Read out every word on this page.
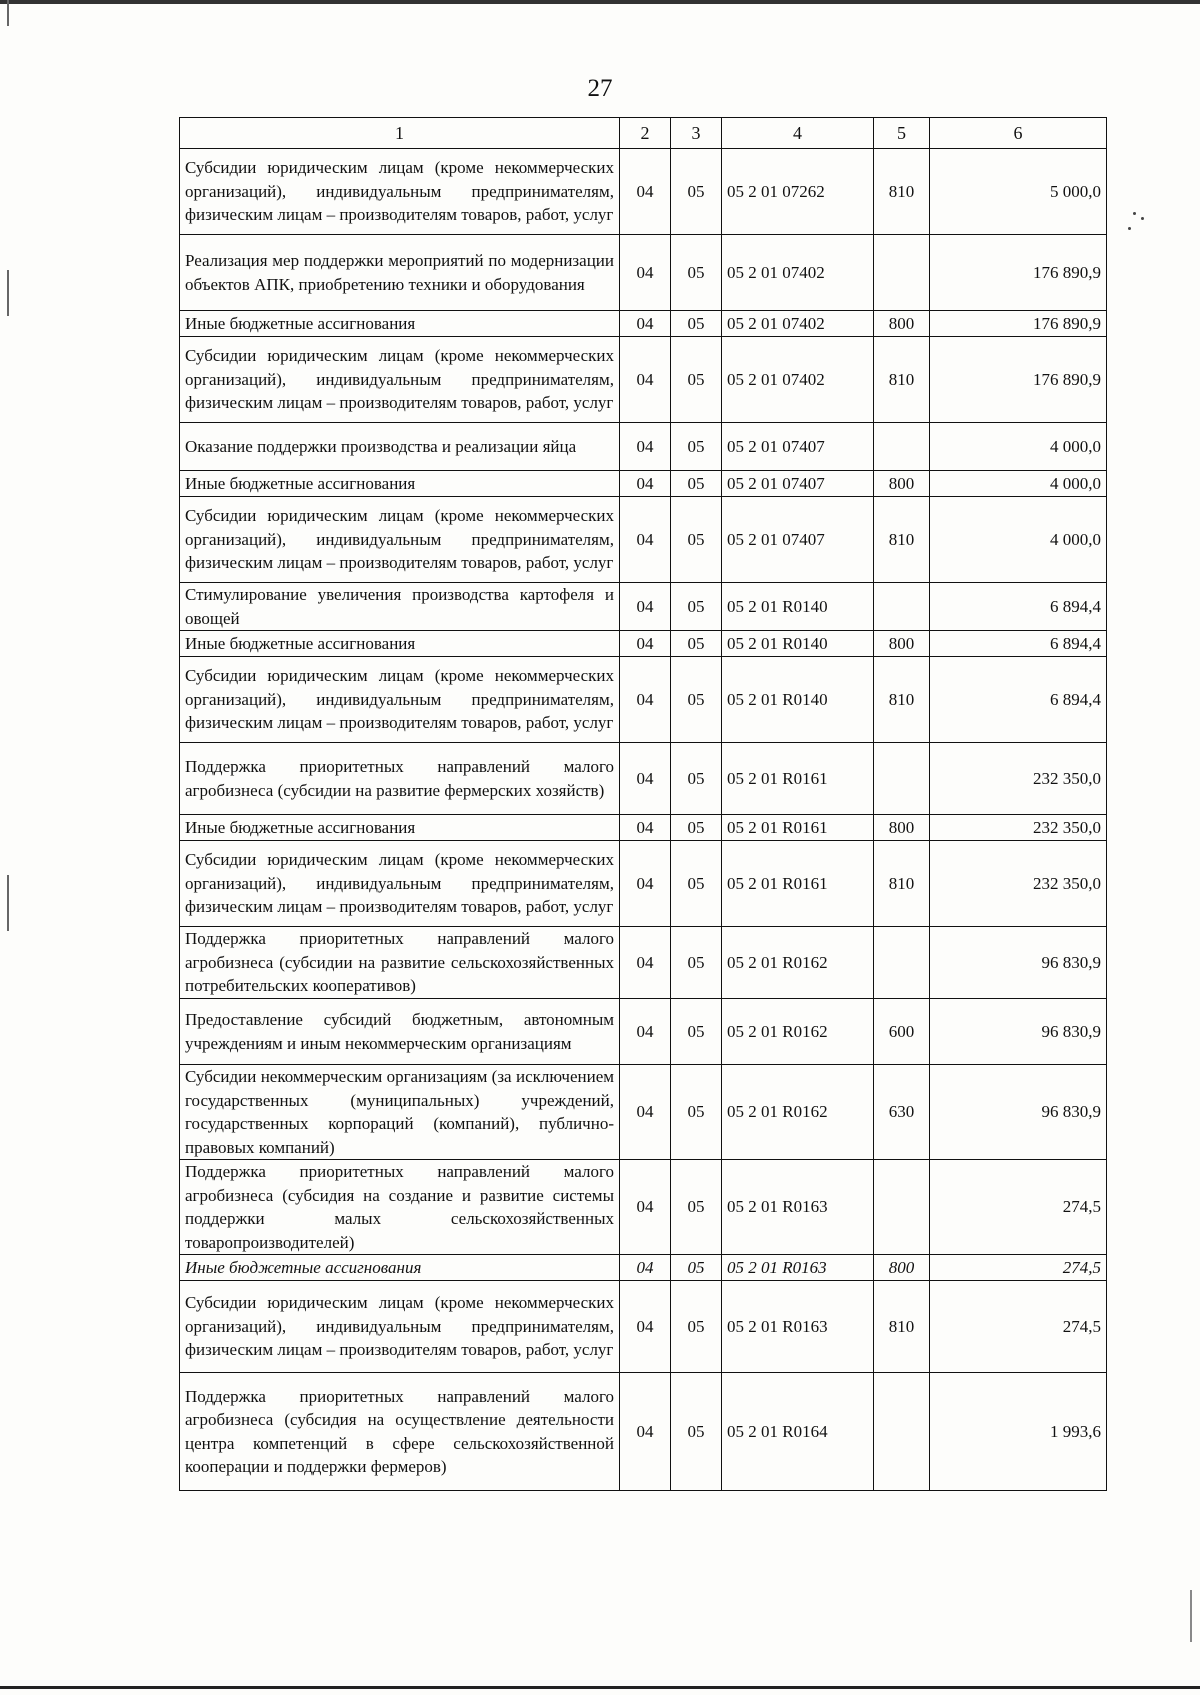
27
1	2	3	4	5	6
Субсидии юридическим лицам (кроме некоммерческих организаций), индивидуальным предпринимателям, физическим лицам – производителям товаров, работ, услуг	04	05	05 2 01 07262	810	5 000,0
Реализация мер поддержки мероприятий по модернизации объектов АПК, приобретению техники и оборудования	04	05	05 2 01 07402		176 890,9
Иные бюджетные ассигнования	04	05	05 2 01 07402	800	176 890,9
Субсидии юридическим лицам (кроме некоммерческих организаций), индивидуальным предпринимателям, физическим лицам – производителям товаров, работ, услуг	04	05	05 2 01 07402	810	176 890,9
Оказание поддержки производства и реализации яйца	04	05	05 2 01 07407		4 000,0
Иные бюджетные ассигнования	04	05	05 2 01 07407	800	4 000,0
Субсидии юридическим лицам (кроме некоммерческих организаций), индивидуальным предпринимателям, физическим лицам – производителям товаров, работ, услуг	04	05	05 2 01 07407	810	4 000,0
Стимулирование увеличения производства картофеля и овощей	04	05	05 2 01 R0140		6 894,4
Иные бюджетные ассигнования	04	05	05 2 01 R0140	800	6 894,4
Субсидии юридическим лицам (кроме некоммерческих организаций), индивидуальным предпринимателям, физическим лицам – производителям товаров, работ, услуг	04	05	05 2 01 R0140	810	6 894,4
Поддержка приоритетных направлений малого агробизнеса (субсидии на развитие фермерских хозяйств)	04	05	05 2 01 R0161		232 350,0
Иные бюджетные ассигнования	04	05	05 2 01 R0161	800	232 350,0
Субсидии юридическим лицам (кроме некоммерческих организаций), индивидуальным предпринимателям, физическим лицам – производителям товаров, работ, услуг	04	05	05 2 01 R0161	810	232 350,0
Поддержка приоритетных направлений малого агробизнеса (субсидии на развитие сельскохозяйственных потребительских кооперативов)	04	05	05 2 01 R0162		96 830,9
Предоставление субсидий бюджетным, автономным учреждениям и иным некоммерческим организациям	04	05	05 2 01 R0162	600	96 830,9
Субсидии некоммерческим организациям (за исключением государственных (муниципальных) учреждений, государственных корпораций (компаний), публично-правовых компаний)	04	05	05 2 01 R0162	630	96 830,9
Поддержка приоритетных направлений малого агробизнеса (субсидия на создание и развитие системы поддержки малых сельскохозяйственных товаропроизводителей)	04	05	05 2 01 R0163		274,5
Иные бюджетные ассигнования	04	05	05 2 01 R0163	800	274,5
Субсидии юридическим лицам (кроме некоммерческих организаций), индивидуальным предпринимателям, физическим лицам – производителям товаров, работ, услуг	04	05	05 2 01 R0163	810	274,5
Поддержка приоритетных направлений малого агробизнеса (субсидия на осуществление деятельности центра компетенций в сфере сельскохозяйственной кооперации и поддержки фермеров)	04	05	05 2 01 R0164		1 993,6
